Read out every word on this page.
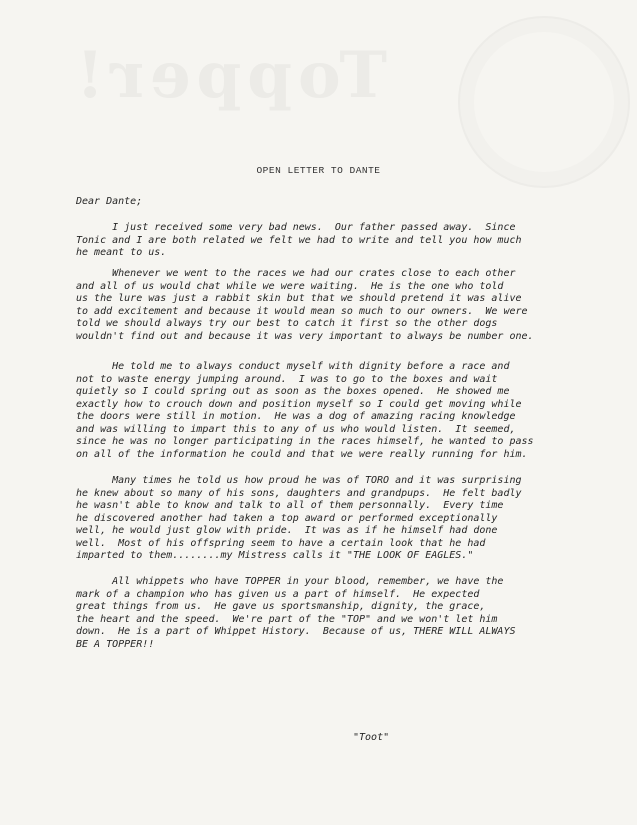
Topper!
OPEN LETTER TO DANTE
Dear Dante;
I just received some very bad news.  Our father passed away.  Since
Tonic and I are both related we felt we had to write and tell you how much
he meant to us.
Whenever we went to the races we had our crates close to each other
and all of us would chat while we were waiting.  He is the one who told
us the lure was just a rabbit skin but that we should pretend it was alive
to add excitement and because it would mean so much to our owners.  We were
told we should always try our best to catch it first so the other dogs
wouldn't find out and because it was very important to always be number one.
He told me to always conduct myself with dignity before a race and
not to waste energy jumping around.  I was to go to the boxes and wait
quietly so I could spring out as soon as the boxes opened.  He showed me
exactly how to crouch down and position myself so I could get moving while
the doors were still in motion.  He was a dog of amazing racing knowledge
and was willing to impart this to any of us who would listen.  It seemed,
since he was no longer participating in the races himself, he wanted to pass
on all of the information he could and that we were really running for him.
Many times he told us how proud he was of TORO and it was surprising
he knew about so many of his sons, daughters and grandpups.  He felt badly
he wasn't able to know and talk to all of them personnally.  Every time
he discovered another had taken a top award or performed exceptionally
well, he would just glow with pride.  It was as if he himself had done
well.  Most of his offspring seem to have a certain look that he had
imparted to them........my Mistress calls it "THE LOOK OF EAGLES."
All whippets who have TOPPER in your blood, remember, we have the
mark of a champion who has given us a part of himself.  He expected
great things from us.  He gave us sportsmanship, dignity, the grace,
the heart and the speed.  We're part of the "TOP" and we won't let him
down.  He is a part of Whippet History.  Because of us, THERE WILL ALWAYS
BE A TOPPER!!
"Toot"
